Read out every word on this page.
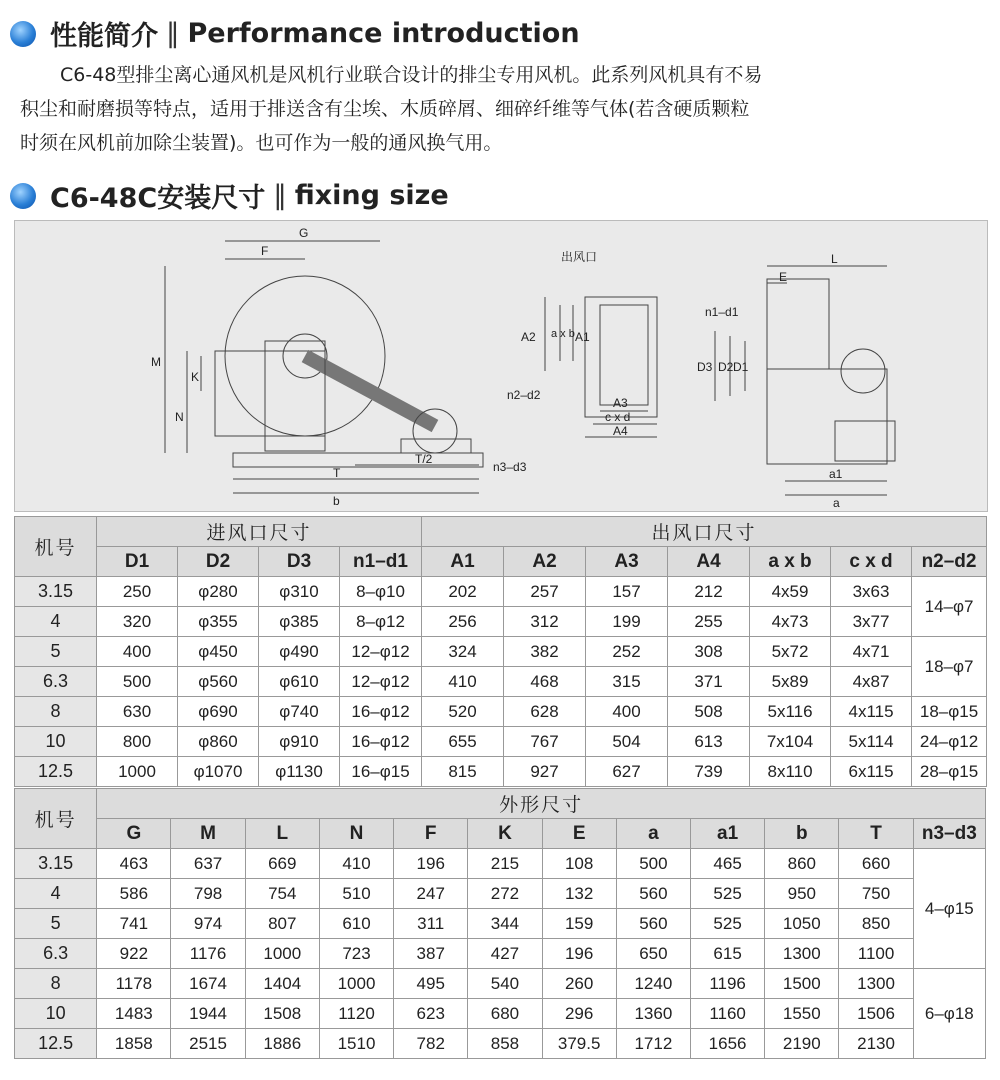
性能简介 ‖ Performance introduction
C6-48型排尘离心通风机是风机行业联合设计的排尘专用风机。此系列风机具有不易
积尘和耐磨损等特点，适用于排送含有尘埃、木质碎屑、细碎纤维等气体(若含硬质颗粒
时须在风机前加除尘装置)。也可作为一般的通风换气用。
C6-48C安装尺寸 ‖ fixing size
G
F
M
K
N
T
T/2
b
n3–d3
出风口
A2 a x b A1
n2–d2
A3
c x d
A4
L
E
n1–d1
D3 D2 D1
a1
a
机号	进风口尺寸				出风口尺寸						
	D1	D2	D3	n1–d1	A1	A2	A3	A4	a x b	c x d	n2–d2
3.15	250	φ280	φ310	8–φ10	202	257	157	212	4x59	3x63	14–φ7
4	320	φ355	φ385	8–φ12	256	312	199	255	4x73	3x77	
5	400	φ450	φ490	12–φ12	324	382	252	308	5x72	4x71	18–φ7
6.3	500	φ560	φ610	12–φ12	410	468	315	371	5x89	4x87	
8	630	φ690	φ740	16–φ12	520	628	400	508	5x116	4x115	18–φ15
10	800	φ860	φ910	16–φ12	655	767	504	613	7x104	5x114	24–φ12
12.5	1000	φ1070	φ1130	16–φ15	815	927	627	739	8x110	6x115	28–φ15
机号	外形尺寸											
	G	M	L	N	F	K	E	a	a1	b	T	n3–d3
3.15	463	637	669	410	196	215	108	500	465	860	660	4–φ15
4	586	798	754	510	247	272	132	560	525	950	750	
5	741	974	807	610	311	344	159	560	525	1050	850	
6.3	922	1176	1000	723	387	427	196	650	615	1300	1100	
8	1178	1674	1404	1000	495	540	260	1240	1196	1500	1300	6–φ18
10	1483	1944	1508	1120	623	680	296	1360	1160	1550	1506	
12.5	1858	2515	1886	1510	782	858	379.5	1712	1656	2190	2130	
